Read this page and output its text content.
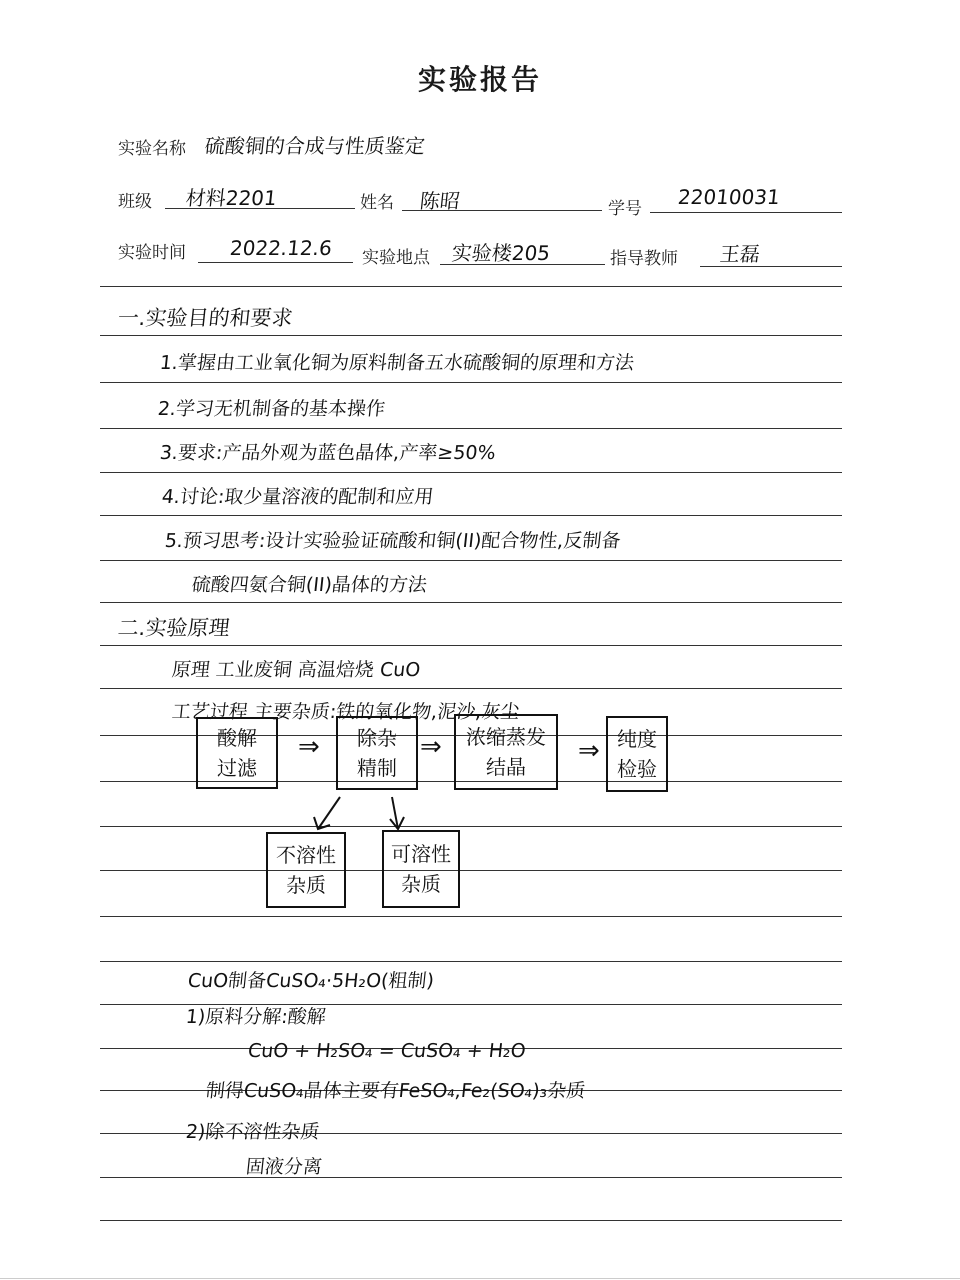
实验报告
实验名称 硫酸铜的合成与性质鉴定
班级 材料2201	姓名 陈昭	学号 22010031
实验时间 2022.12.6 实验地点 实验楼205	指导教师 王磊
一.实验目的和要求
1.掌握由工业氧化铜为原料制备五水硫酸铜的原理和方法
2.学习无机制备的基本操作
3.要求:产品外观为蓝色晶体,产率≥50%
4.讨论:取少量溶液的配制和应用
5.预习思考:设计实验验证硫酸和铜(II)配合物性,反制备
硫酸四氨合铜(II)晶体的方法
二.实验原理
原理 工业废铜 高温焙烧 CuO
工艺过程 主要杂质:铁的氧化物,泥沙,灰尘
酸解
过滤
⇒ 除杂
精制
⇒ 浓缩蒸发
结晶
⇒ 纯度
检验
不溶性
杂质
可溶性
杂质
CuO制备CuSO₄·5H₂O(粗制)
1)原料分解:酸解
CuO + H₂SO₄ = CuSO₄ + H₂O
制得CuSO₄晶体主要有FeSO₄,Fe₂(SO₄)₃杂质
2)除不溶性杂质
固液分离
